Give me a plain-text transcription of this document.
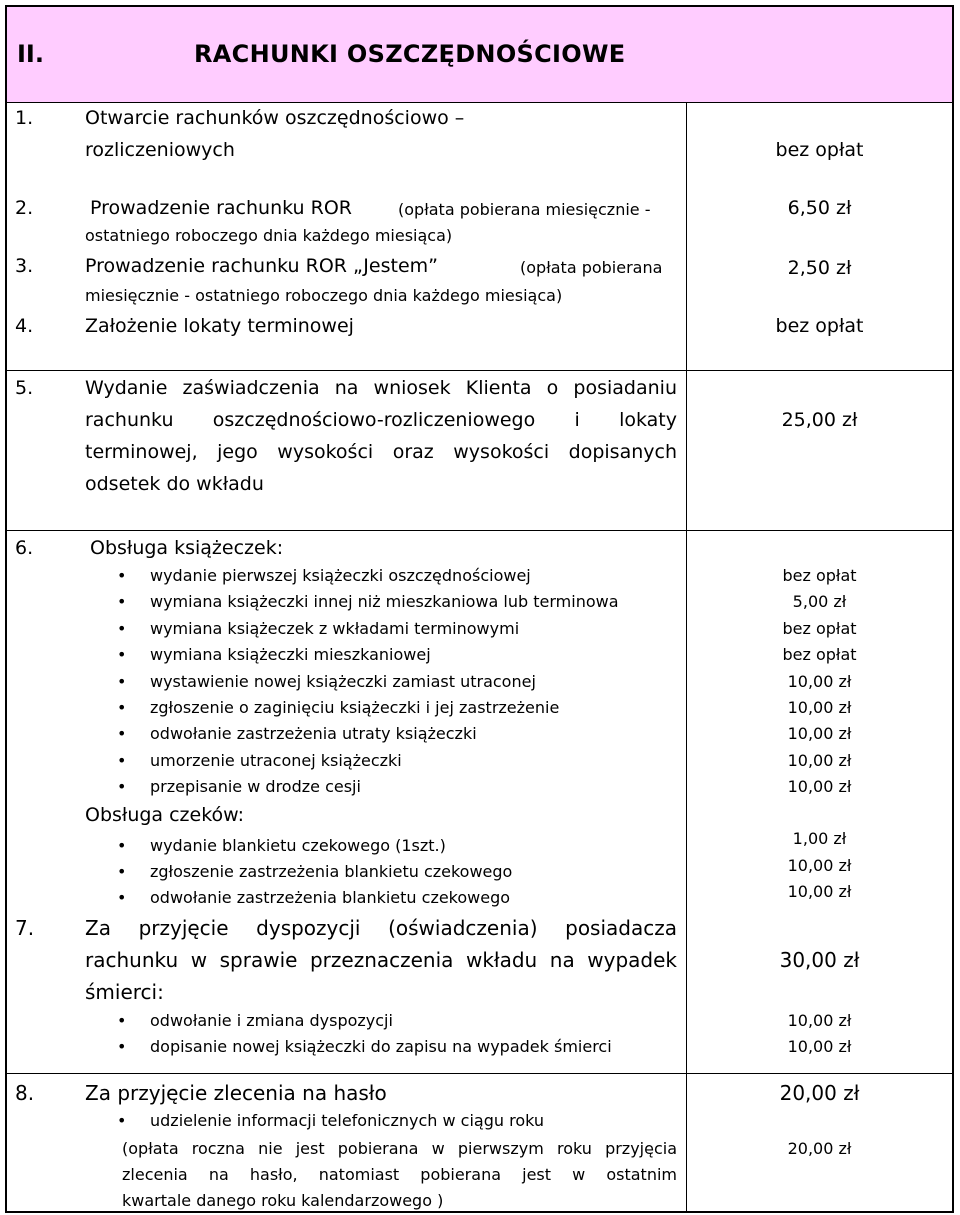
II.	RACHUNKI OSZCZĘDNOŚCIOWE
1.	Otwarcie rachunków oszczędnościowo –
rozliczeniowych	bez opłat
2.	Prowadzenie rachunku ROR	(opłata pobierana miesięcznie -
ostatniego roboczego dnia każdego miesiąca)
6,50 zł
3.	Prowadzenie rachunku ROR „Jestem”	(opłata pobierana
miesięcznie - ostatniego roboczego dnia każdego miesiąca)
2,50 zł
4.	Założenie lokaty terminowej	bez opłat
5.	Wydanie zaświadczenia na wniosek Klienta o posiadaniu
rachunku oszczędnościowo-rozliczeniowego i lokaty
terminowej, jego wysokości oraz wysokości dopisanych
odsetek do wkładu
25,00 zł
6.	Obsługa książeczek:
• wydanie pierwszej książeczki oszczędnościowej	bez opłat
• wymiana książeczki innej niż mieszkaniowa lub terminowa	5,00 zł
• wymiana książeczek z wkładami terminowymi	bez opłat
• wymiana książeczki mieszkaniowej	bez opłat
• wystawienie nowej książeczki zamiast utraconej	10,00 zł
• zgłoszenie o zaginięciu książeczki i jej zastrzeżenie	10,00 zł
• odwołanie zastrzeżenia utraty książeczki	10,00 zł
• umorzenie utraconej książeczki	10,00 zł
• przepisanie w drodze cesji	10,00 zł
Obsługa czeków:
• wydanie blankietu czekowego (1szt.)	1,00 zł
• zgłoszenie zastrzeżenia blankietu czekowego	10,00 zł
• odwołanie zastrzeżenia blankietu czekowego	10,00 zł
7.	Za przyjęcie dyspozycji (oświadczenia) posiadacza
rachunku w sprawie przeznaczenia wkładu na wypadek
śmierci:
30,00 zł
• odwołanie i zmiana dyspozycji	10,00 zł
• dopisanie nowej książeczki do zapisu na wypadek śmierci	10,00 zł
8.	Za przyjęcie zlecenia na hasło	20,00 zł
• udzielenie informacji telefonicznych w ciągu roku
(opłata roczna nie jest pobierana w pierwszym roku przyjęcia
zlecenia na hasło, natomiast pobierana jest w ostatnim
kwartale danego roku kalendarzowego )
20,00 zł
